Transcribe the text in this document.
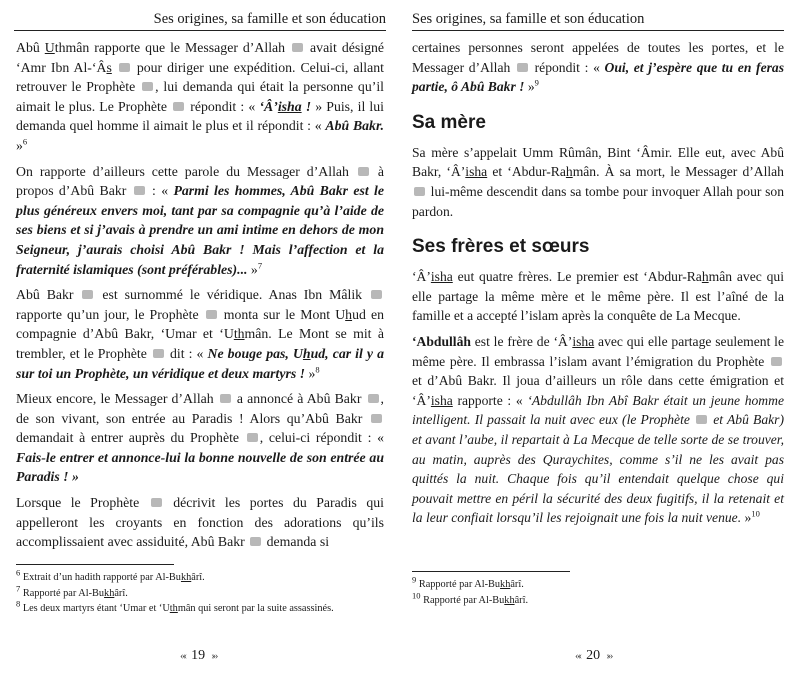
Ses origines, sa famille et son éducation

Abû Uthmân rapporte que le Messager d’Allah  avait désigné ‘Amr Ibn Al-‘Âs  pour diriger une expédition. Celui-ci, allant retrouver le Prophète , lui demanda qui était la personne qu’il aimait le plus. Le Prophète  répondit : « ‘Â’isha ! » Puis, il lui demanda quel homme il aimait le plus et il répondit : « Abû Bakr. »$^6$

On rapporte d’ailleurs cette parole du Messager d’Allah  à propos d’Abû Bakr  : « Parmi les hommes, Abû Bakr est le plus généreux envers moi, tant par sa compagnie qu’à l’aide de ses biens et si j’avais à prendre un ami intime en dehors de mon Seigneur, j’aurais choisi Abû Bakr ! Mais l’affection et la fraternité islamiques (sont préférables)... »$^7$

Abû Bakr  est surnommé le véridique. Anas Ibn Mâlik  rapporte qu’un jour, le Prophète  monta sur le Mont Uhud en compagnie d’Abû Bakr, ‘Umar et ‘Uthmân. Le Mont se mit à trembler, et le Prophète  dit : « Ne bouge pas, Uhud, car il y a sur toi un Prophète, un véridique et deux martyrs ! »$^8$

Mieux encore, le Messager d’Allah  a annoncé à Abû Bakr , de son vivant, son entrée au Paradis ! Alors qu’Abû Bakr  demandait à entrer auprès du Prophète , celui-ci répondit : « Fais-le entrer et annonce-lui la bonne nouvelle de son entrée au Paradis ! »

Lorsque le Prophète  décrivit les portes du Paradis qui appelleront les croyants en fonction des adorations qu’ils accomplissaient avec assiduité, Abû Bakr  demanda si

$^6$ Extrait d’un hadith rapporté par Al-Bukhârî.
$^7$ Rapporté par Al-Bukhârî.
$^8$ Les deux martyrs étant ‘Umar et ‘Uthmân qui seront par la suite assassinés.
«‹ 19 ›»
Ses origines, sa famille et son éducation

certaines personnes seront appelées de toutes les portes, et le Messager d’Allah  répondit : « Oui, et j’espère que tu en feras partie, ô Abû Bakr ! »$^9$

Sa mère

Sa mère s’appelait Umm Rûmân, Bint ‘Âmir. Elle eut, avec Abû Bakr, ‘Â’isha et ‘Abdur-Rahmân. À sa mort, le Messager d’Allah  lui-même descendit dans sa tombe pour invoquer Allah pour son pardon.

Ses frères et sœurs

‘Â’isha eut quatre frères. Le premier est ‘Abdur-Rahmân avec qui elle partage la même mère et le même père. Il est l’aîné de la famille et a accepté l’islam après la conquête de La Mecque.

‘Abdullâh est le frère de ‘Â’isha avec qui elle partage seulement le même père. Il embrassa l’islam avant l’émigration du Prophète  et d’Abû Bakr. Il joua d’ailleurs un rôle dans cette émigration et ‘Â’isha rapporte : « ‘Abdullâh Ibn Abî Bakr était un jeune homme intelligent. Il passait la nuit avec eux (le Prophète  et Abû Bakr) et avant l’aube, il repartait à La Mecque de telle sorte de se trouver, au matin, auprès des Quraychites, comme s’il ne les avait pas quittés la nuit. Chaque fois qu’il entendait quelque chose qui pouvait mettre en péril la sécurité des deux fugitifs, il la retenait et la leur confiait lorsqu’il les rejoignait une fois la nuit venue. »$^{10}$

$^9$ Rapporté par Al-Bukhârî.
$^{10}$ Rapporté par Al-Bukhârî.
«‹ 20 ›»
